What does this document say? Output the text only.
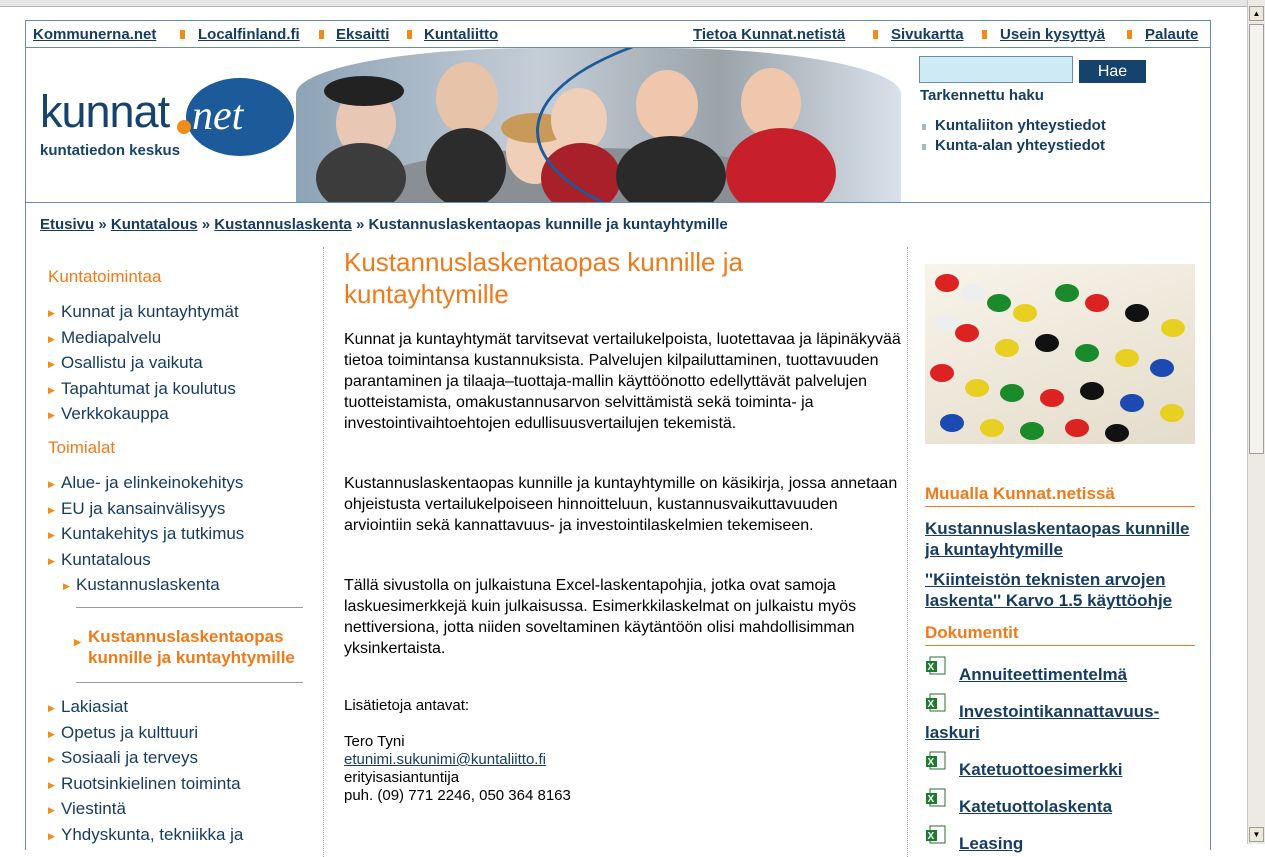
▲
▼
Kommunerna.net	Localfinland.fi Eksaitti Kuntaliitto	Tietoa Kunnat.netistä	Sivukartta Usein kysyttyä	Palaute
kunnat net
kuntatiedon keskus
Hae
Tarkennettu haku
Kuntaliiton yhteystiedot
Kunta-alan yhteystiedot
Etusivu » Kuntatalous » Kustannuslaskenta » Kustannuslaskentaopas kunnille ja kuntayhtymille
Kuntatoimintaa
▶ Kunnat ja kuntayhtymät
▶ Mediapalvelu
▶ Osallistu ja vaikuta
▶ Tapahtumat ja koulutus
▶ Verkkokauppa
Toimialat
▶ Alue- ja elinkeinokehitys
▶ EU ja kansainvälisyys
▶ Kuntakehitys ja tutkimus
▶ Kuntatalous
▶ Kustannuslaskenta
▶ Kustannuslaskentaopas kunnille ja kuntayhtymille
▶ Lakiasiat
▶ Opetus ja kulttuuri
▶ Sosiaali ja terveys
▶ Ruotsinkielinen toiminta
▶ Viestintä
▶ Yhdyskunta, tekniikka ja
Kustannuslaskentaopas kunnille ja kuntayhtymille

Kunnat ja kuntayhtymät tarvitsevat vertailukelpoista, luotettavaa ja läpinäkyvää tietoa toimintansa kustannuksista. Palvelujen kilpailuttaminen, tuottavuuden parantaminen ja tilaaja–tuottaja-mallin käyttöönotto edellyttävät palvelujen tuotteistamista, omakustannusarvon selvittämistä sekä toiminta- ja investointivaihtoehtojen edullisuusvertailujen tekemistä.

Kustannuslaskentaopas kunnille ja kuntayhtymille on käsikirja, jossa annetaan ohjeistusta vertailukelpoiseen hinnoitteluun, kustannusvaikuttavuuden arviointiin sekä kannattavuus- ja investointilaskelmien tekemiseen.

Tällä sivustolla on julkaistuna Excel-laskentapohjia, jotka ovat samoja laskuesimerkkejä kuin julkaisussa. Esimerkkilaskelmat on julkaistu myös nettiversiona, jotta niiden soveltaminen käytäntöön olisi mahdollisimman yksinkertaista.

Lisätietoja antavat:
Tero Tyni
etunimi.sukunimi@kuntaliitto.fi
erityisasiantuntija
puh. (09) 771 2246, 050 364 8163
Muualla Kunnat.netissä
Kustannuslaskentaopas kunnille ja kuntayhtymille
''Kiinteistön teknisten arvojen laskenta'' Karvo 1.5 käyttöohje
Dokumentit
X Annuiteettimentelmä
X Investointikannattavuus-laskuri
X Katetuottoesimerkki
X Katetuottolaskenta
X Leasing
